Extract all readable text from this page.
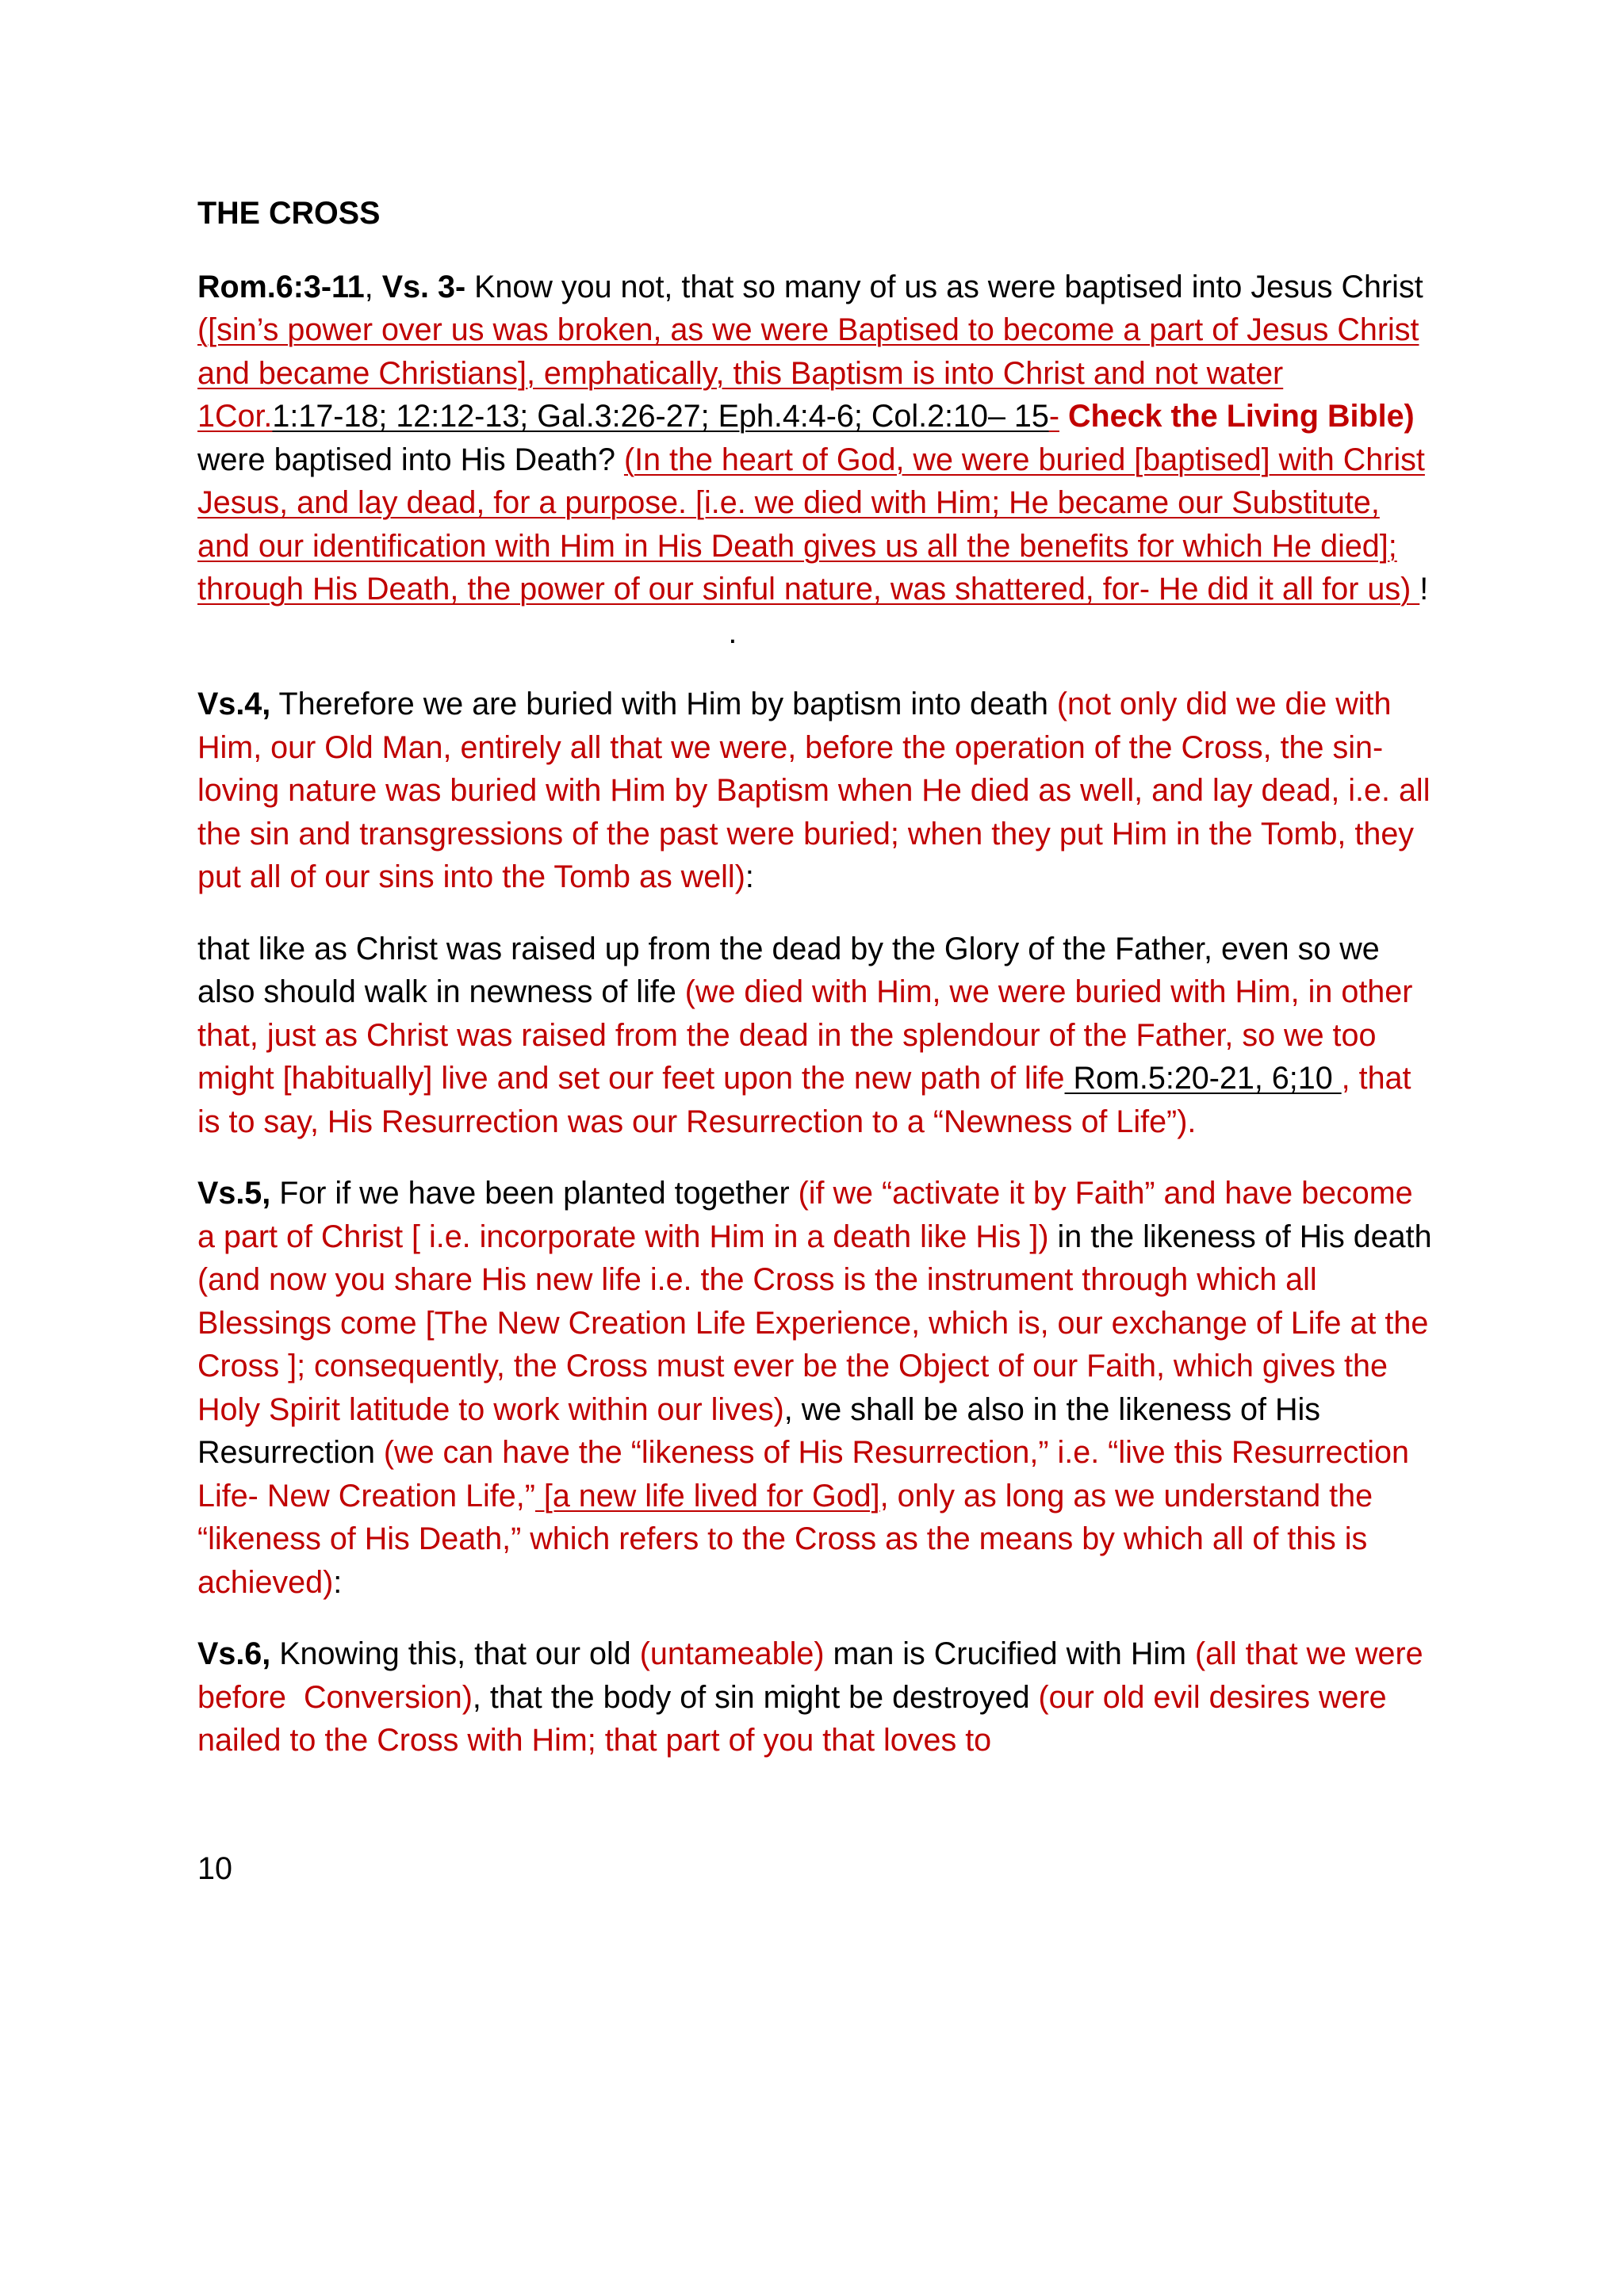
THE CROSS

Rom.6:3-11, Vs. 3- Know you not, that so many of us as were baptised into Jesus Christ ([sin’s power over us was broken, as we were Baptised to become a part of Jesus Christ and became Christians], emphatically, this Baptism is into Christ and not water 1Cor.1:17-18; 12:12-13; Gal.3:26-27; Eph.4:4-6; Col.2:10– 15- Check the Living Bible) were baptised into His Death? (In the heart of God, we were buried [baptised] with Christ Jesus, and lay dead, for a purpose. [i.e. we died with Him; He became our Substitute, and our identification with Him in His Death gives us all the benefits for which He died]; through His Death, the power of our sinful nature, was shattered, for- He did it all for us) !                                                              .

Vs.4, Therefore we are buried with Him by baptism into death (not only did we die with Him, our Old Man, entirely all that we were, before the operation of the Cross, the sin-loving nature was buried with Him by Baptism when He died as well, and lay dead, i.e. all the sin and transgressions of the past were buried; when they put Him in the Tomb, they put all of our sins into the Tomb as well):

that like as Christ was raised up from the dead by the Glory of the Father, even so we also should walk in newness of life (we died with Him, we were buried with Him, in other that, just as Christ was raised from the dead in the splendour of the Father, so we too might [habitually] live and set our feet upon the new path of life Rom.5:20-21, 6;10 , that is to say, His Resurrection was our Resurrection to a “Newness of Life”).

Vs.5, For if we have been planted together (if we “activate it by Faith” and have become a part of Christ [ i.e. incorporate with Him in a death like His ]) in the likeness of His death (and now you share His new life i.e. the Cross is the instrument through which all Blessings come [The New Creation Life Experience, which is, our exchange of Life at the Cross ]; consequently, the Cross must ever be the Object of our Faith, which gives the Holy Spirit latitude to work within our lives), we shall be also in the likeness of His Resurrection (we can have the “likeness of His Resurrection,” i.e. “live this Resurrection Life- New Creation Life,” [a new life lived for God], only as long as we understand the “likeness of His Death,” which refers to the Cross as the means by which all of this is achieved):

Vs.6, Knowing this, that our old (untameable) man is Crucified with Him (all that we were before  Conversion), that the body of sin might be destroyed (our old evil desires were nailed to the Cross with Him; that part of you that loves to

10
